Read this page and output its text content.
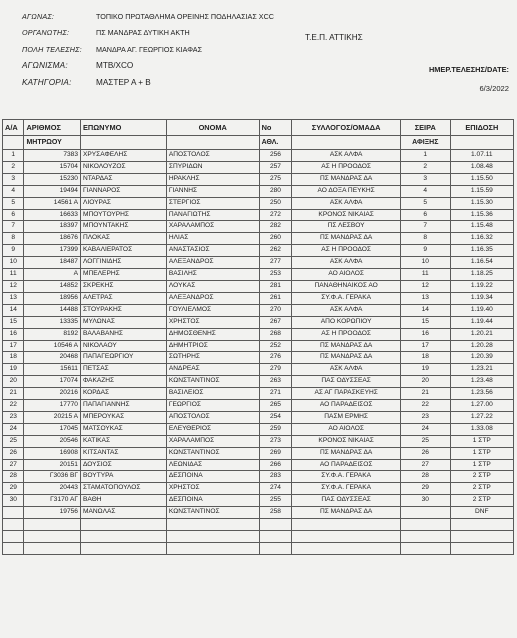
ΑΓΩΝΑΣ:	ΤΟΠΙΚΟ ΠΡΩΤΑΘΛΗΜΑ ΟΡΕΙΝΗΣ ΠΟΔΗΛΑΣΙΑΣ XCC
ΟΡΓΑΝΩΤΗΣ:	ΠΣ ΜΑΝΔΡΑΣ ΔΥΤΙΚΗ ΑΚΤΗ
ΠΟΛΗ ΤΕΛΕΣΗΣ:	ΜΑΝΔΡΑ ΑΓ. ΓΕΩΡΓΙΟΣ ΚΙΑΦΑΣ
ΑΓΩΝΙΣΜΑ:	MTB/XCO
ΚΑΤΗΓΟΡΙΑ:	ΜΑΣΤΕΡ Α + Β
Τ.Ε.Π. ΑΤΤΙΚΗΣ
ΗΜΕΡ.ΤΕΛΕΣΗΣ/DATE:
6/3/2022
Α/Α	ΑΡΙΘΜΟΣ	ΕΠΩΝΥΜΟ	ΟΝΟΜΑ	No	ΣΥΛΛΟΓΟΣ/ΟΜΑΔΑ	ΣΕΙΡΑ	ΕΠΙΔΟΣΗ
	ΜΗΤΡΩΟΥ			ΑΘΛ.		ΑΦΙΞΗΣ	
1	7383	ΧΡΥΣΑΦΕΛΗΣ	ΑΠΟΣΤΟΛΟΣ	256	ΑΣΚ ΑΛΦΑ	1	1.07.11
2	15704	ΝΙΚΟΛΟΥΖΟΣ	ΣΠΥΡΙΔΩΝ	257	ΑΣ Η ΠΡΟΟΔΟΣ	2	1.08.48
3	15230	ΝΤΑΡΔΑΣ	ΗΡΑΚΛΗΣ	275	ΠΣ ΜΑΝΔΡΑΣ ΔΑ	3	1.15.50
4	19494	ΓΙΑΝΝΑΡΟΣ	ΓΙΑΝΝΗΣ	280	ΑΟ ΔΟΞΑ ΠΕΥΚΗΣ	4	1.15.59
5	14561 Α	ΛΙΟΥΡΑΣ	ΣΤΕΡΓΙΟΣ	250	ΑΣΚ ΑΛΦΑ	5	1.15.30
6	16633	ΜΠΟΥΤΟΥΡΗΣ	ΠΑΝΑΓΙΩΤΗΣ	272	ΚΡΟΝΟΣ ΝΙΚΑΙΑΣ	6	1.15.36
7	18397	ΜΠΟΥΝΤΑΚΗΣ	ΧΑΡΑΛΑΜΠΟΣ	282	ΠΣ ΛΕΣΒΟΥ	7	1.15.48
8	18676	ΠΛΟΚΑΣ	ΗΛΙΑΣ	260	ΠΣ ΜΑΝΔΡΑΣ ΔΑ	8	1.16.32
9	17399	ΚΑΒΑΛΙΕΡΑΤΟΣ	ΑΝΑΣΤΑΣΙΟΣ	262	ΑΣ Η ΠΡΟΟΔΟΣ	9	1.16.35
10	18487	ΛΟΓΓΙΝΙΔΗΣ	ΑΛΕΞΑΝΔΡΟΣ	277	ΑΣΚ ΑΛΦΑ	10	1.16.54
11	Α	ΜΠΕΛΕΡΗΣ	ΒΑΣΙΛΗΣ	253	ΑΟ ΑΙΟΛΟΣ	11	1.18.25
12	14852	ΣΚΡΕΚΗΣ	ΛΟΥΚΑΣ	281	ΠΑΝΑΘΗΝΑΙΚΟΣ ΑΟ	12	1.19.22
13	18956	ΑΛΕΤΡΑΣ	ΑΛΕΞΑΝΔΡΟΣ	261	ΣΥ.Φ.Α. ΓΕΡΑΚΑ	13	1.19.34
14	14488	ΣΤΟΥΡΑΚΗΣ	ΓΟΥΛΙΕΛΜΟΣ	270	ΑΣΚ ΑΛΦΑ	14	1.19.40
15	13335	ΜΥΛΩΝΑΣ	ΧΡΗΣΤΟΣ	267	ΑΠΟ ΚΟΡΩΠΙΟΥ	15	1.19.44
16	8192	ΒΑΛΑΒΑΝΗΣ	ΔΗΜΟΣΘΕΝΗΣ	268	ΑΣ Η ΠΡΟΟΔΟΣ	16	1.20.21
17	10546 Α	ΝΙΚΟΛΑΟΥ	ΔΗΜΗΤΡΙΟΣ	252	ΠΣ ΜΑΝΔΡΑΣ ΔΑ	17	1.20.28
18	20468	ΠΑΠΑΓΕΩΡΓΙΟΥ	ΣΩΤΗΡΗΣ	276	ΠΣ ΜΑΝΔΡΑΣ ΔΑ	18	1.20.39
19	15611	ΠΕΤΣΑΣ	ΑΝΔΡΕΑΣ	279	ΑΣΚ ΑΛΦΑ	19	1.23.21
20	17074	ΦΑΚΑΖΗΣ	ΚΩΝΣΤΑΝΤΙΝΟΣ	263	ΠΑΣ ΟΔΥΣΣΕΑΣ	20	1.23.48
21	20216	ΚΟΡΔΑΣ	ΒΑΣΙΛΕΙΟΣ	271	ΑΣ ΑΓ ΠΑΡΑΣΚΕΥΗΣ	21	1.23.56
22	17770	ΠΑΠΑΓΙΑΝΝΗΣ	ΓΕΩΡΓΙΟΣ	265	ΑΟ ΠΑΡΑΔΕΙΣΟΣ	22	1.27.00
23	20215 Α	ΜΠΕΡΟΥΚΑΣ	ΑΠΟΣΤΟΛΟΣ	254	ΠΑΣΜ ΕΡΜΗΣ	23	1.27.22
24	17045	ΜΑΤΣΟΥΚΑΣ	ΕΛΕΥΘΕΡΙΟΣ	259	ΑΟ ΑΙΟΛΟΣ	24	1.33.08
25	20546	ΚΑΤΙΚΑΣ	ΧΑΡΑΛΑΜΠΟΣ	273	ΚΡΟΝΟΣ ΝΙΚΑΙΑΣ	25	1 ΣΤΡ
26	16908	ΚΙΤΣΑΝΤΑΣ	ΚΩΝΣΤΑΝΤΙΝΟΣ	269	ΠΣ ΜΑΝΔΡΑΣ ΔΑ	26	1 ΣΤΡ
27	20151	ΔΟΥΣΙΟΣ	ΛΕΩΝΙΔΑΣ	266	ΑΟ ΠΑΡΑΔΕΙΣΟΣ	27	1 ΣΤΡ
28	Γ3036 ΒΓ	ΒΟΥΤΥΡΑ	ΔΕΣΠΟΙΝΑ	283	ΣΥ.Φ.Α. ΓΕΡΑΚΑ	28	2 ΣΤΡ
29	20443	ΣΤΑΜΑΤΟΠΟΥΛΟΣ	ΧΡΗΣΤΟΣ	274	ΣΥ.Φ.Α. ΓΕΡΑΚΑ	29	2 ΣΤΡ
30	Γ3170 ΑΓ	ΒΑΘΗ	ΔΕΣΠΟΙΝΑ	255	ΠΑΣ ΟΔΥΣΣΕΑΣ	30	2 ΣΤΡ
	19756	ΜΑΝΩΛΑΣ	ΚΩΝΣΤΑΝΤΙΝΟΣ	258	ΠΣ ΜΑΝΔΡΑΣ ΔΑ		DNF
